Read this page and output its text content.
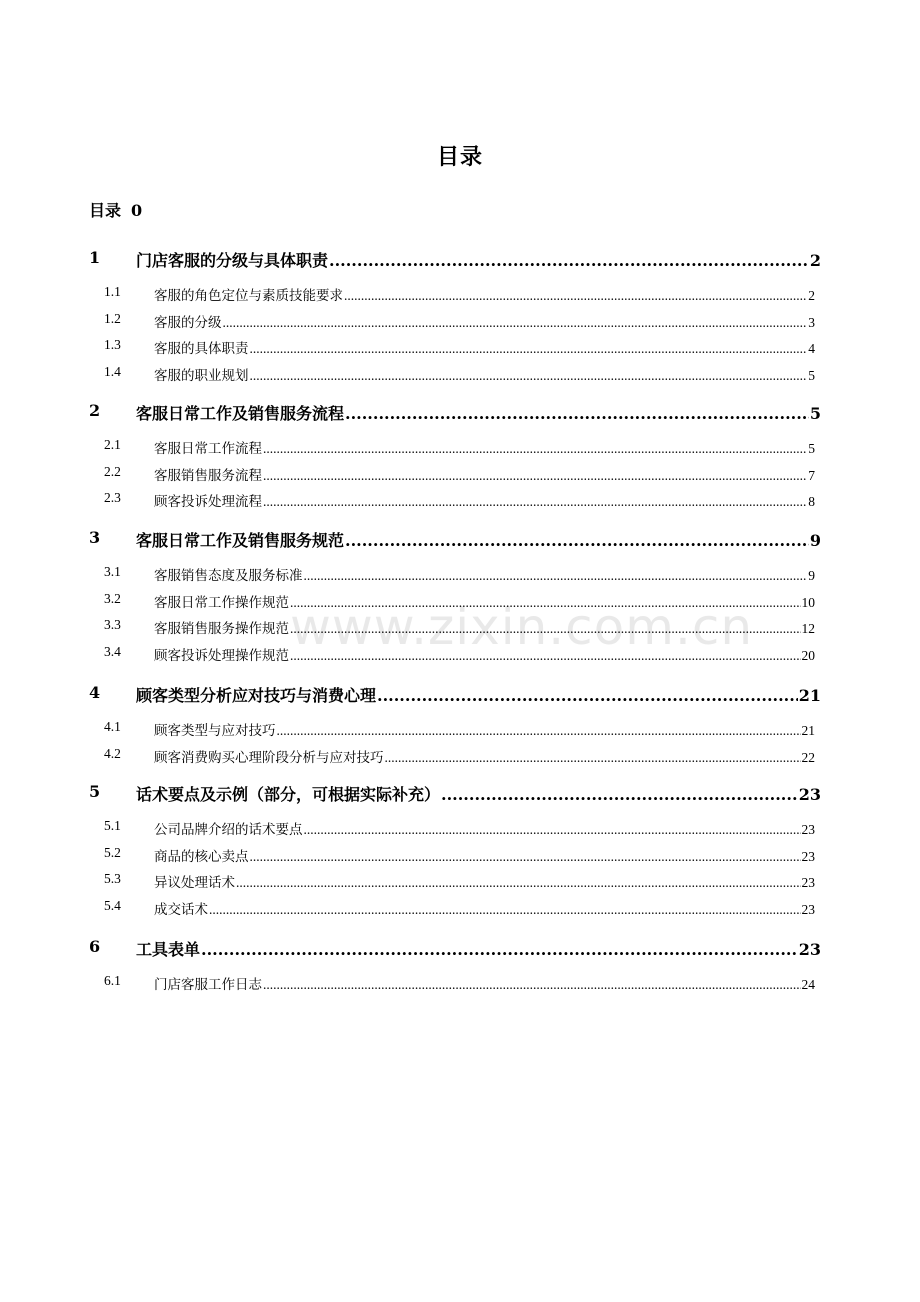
目录
目录 0
www.zixin.com.cn
1 门店客服的分级与具体职责 .....	2
1.1 客服的角色定位与素质技能要求 .....	2
1.2 客服的分级 .....	3
1.3 客服的具体职责 .....	4
1.4 客服的职业规划 .....	5
2 客服日常工作及销售服务流程 .....	5
2.1 客服日常工作流程 .....	5
2.2 客服销售服务流程 .....	7
2.3 顾客投诉处理流程 .....	8
3 客服日常工作及销售服务规范 .....	9
3.1 客服销售态度及服务标准 .....	9
3.2 客服日常工作操作规范 .....	10
3.3 客服销售服务操作规范 .....	12
3.4 顾客投诉处理操作规范 .....	20
4 顾客类型分析应对技巧与消费心理 .....	21
4.1 顾客类型与应对技巧 .....	21
4.2 顾客消费购买心理阶段分析与应对技巧 .....	22
5 话术要点及示例（部分，可根据实际补充） .....	23
5.1 公司品牌介绍的话术要点 .....	23
5.2 商品的核心卖点 .....	23
5.3 异议处理话术 .....	23
5.4 成交话术 .....	23
6 工具表单 .....	23
6.1 门店客服工作日志 .....	24
